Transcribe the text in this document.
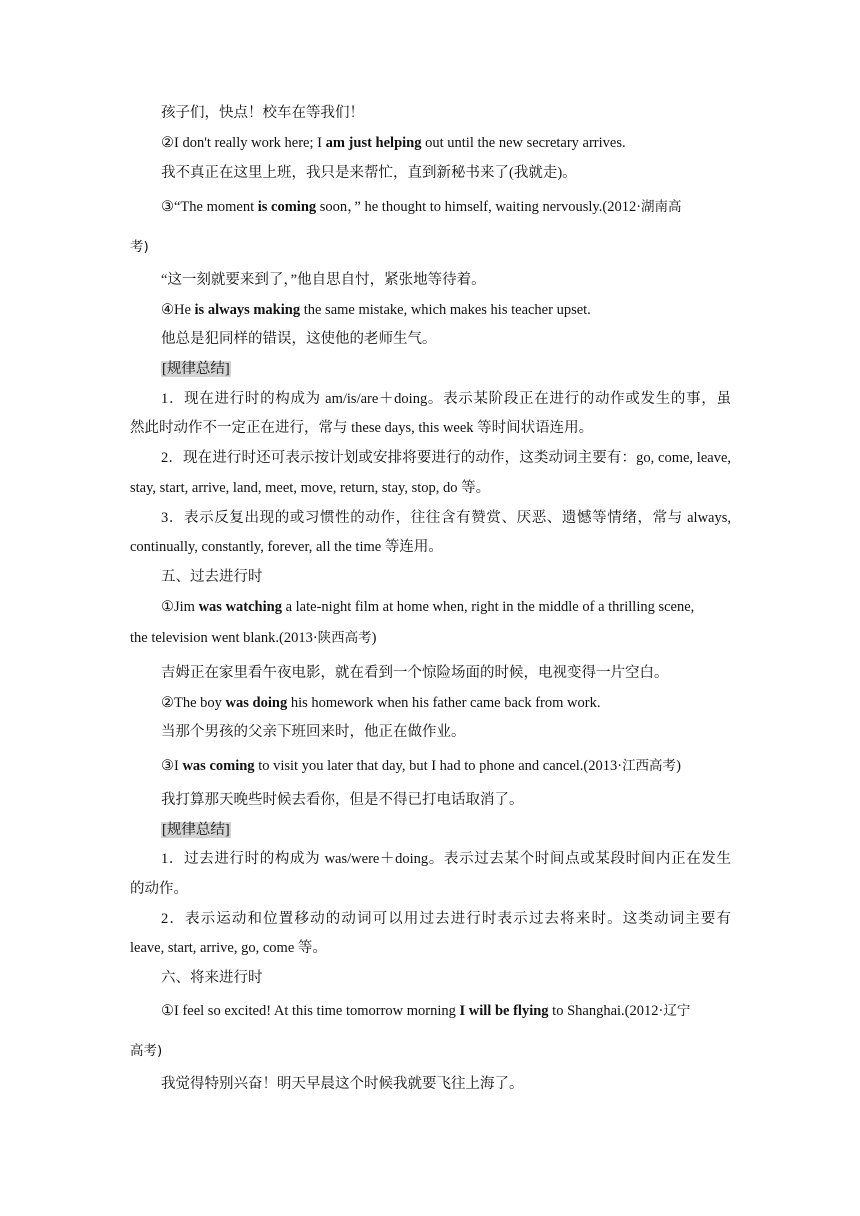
孩子们，快点！校车在等我们！
②I don't really work here; I am just helping out until the new secretary arrives.
我不真正在这里上班，我只是来帮忙，直到新秘书来了(我就走)。
③“The moment is coming soon，” he thought to himself, waiting nervously.(2012·湖南高
考)
“这一刻就要来到了，”他自思自忖，紧张地等待着。
④He is always making the same mistake, which makes his teacher upset.
他总是犯同样的错误，这使他的老师生气。
[规律总结]
1．现在进行时的构成为 am/is/are＋doing。表示某阶段正在进行的动作或发生的事，虽
然此时动作不一定正在进行，常与 these days, this week 等时间状语连用。
2．现在进行时还可表示按计划或安排将要进行的动作，这类动词主要有：go, come, leave,
stay, start, arrive, land, meet, move, return, stay, stop, do 等。
3．表示反复出现的或习惯性的动作，往往含有赞赏、厌恶、遗憾等情绪，常与 always,
continually, constantly, forever, all the time 等连用。
五、过去进行时
①Jim was watching a late-night film at home when, right in the middle of a thrilling scene,
the television went blank.(2013·陕西高考)
吉姆正在家里看午夜电影，就在看到一个惊险场面的时候，电视变得一片空白。
②The boy was doing his homework when his father came back from work.
当那个男孩的父亲下班回来时，他正在做作业。
③I was coming to visit you later that day, but I had to phone and cancel.(2013·江西高考)
我打算那天晚些时候去看你，但是不得已打电话取消了。
[规律总结]
1．过去进行时的构成为 was/were＋doing。表示过去某个时间点或某段时间内正在发生
的动作。
2．表示运动和位置移动的动词可以用过去进行时表示过去将来时。这类动词主要有
leave, start, arrive, go, come 等。
六、将来进行时
①I feel so excited! At this time tomorrow morning I will be flying to Shanghai.(2012·辽宁
高考)
我觉得特别兴奋！明天早晨这个时候我就要飞往上海了。
